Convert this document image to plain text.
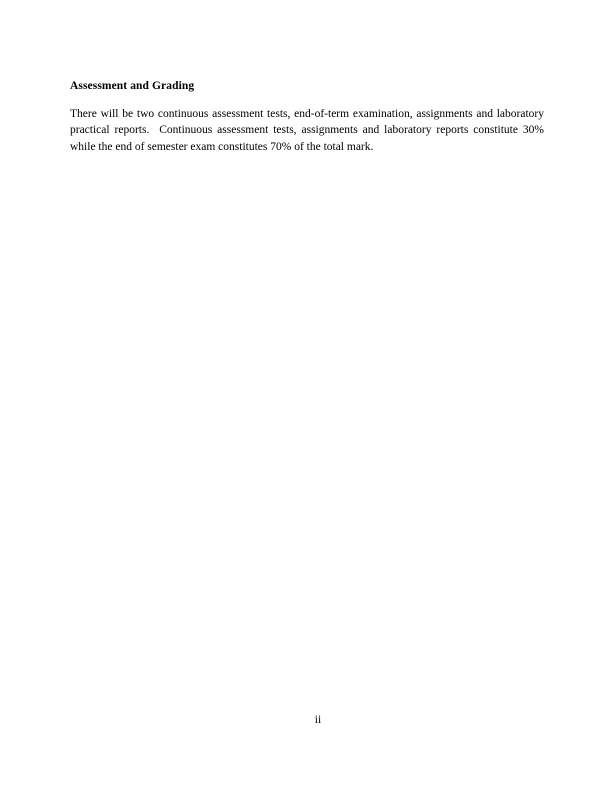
Assessment and Grading

There will be two continuous assessment tests, end-of-term examination, assignments and laboratory practical reports.  Continuous assessment tests, assignments and laboratory reports constitute 30% while the end of semester exam constitutes 70% of the total mark.

ii
